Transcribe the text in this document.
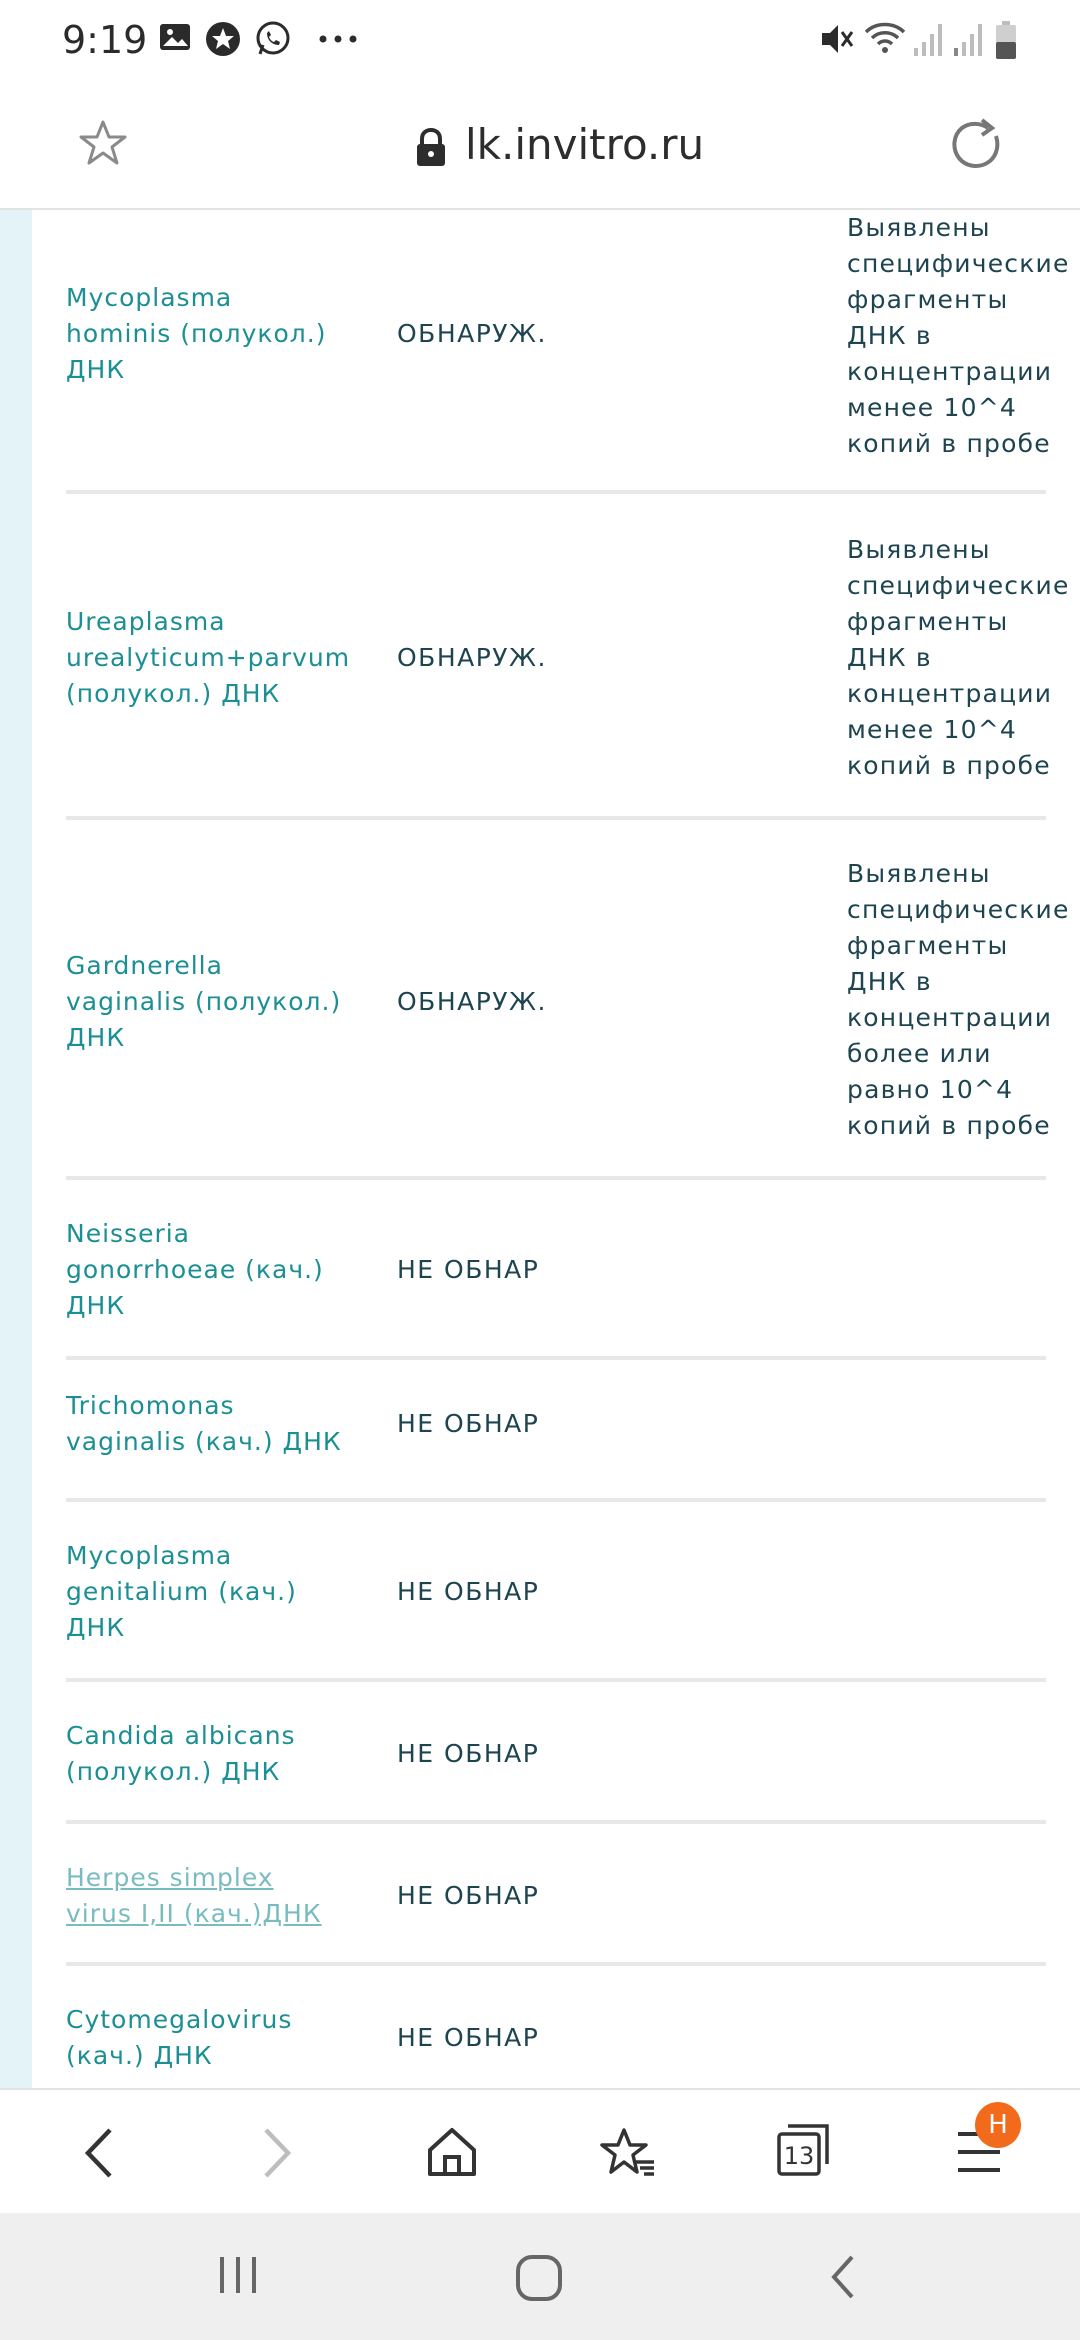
9:19
lk.invitro.ru
Mycoplasma
hominis (полукол.)
ДНК
ОБНАРУЖ.
Выявлены
специфические
фрагменты
ДНК в
концентрации
менее 10^4
копий в пробе
Ureaplasma
urealyticum+parvum
(полукол.) ДНК
ОБНАРУЖ.
Выявлены
специфические
фрагменты
ДНК в
концентрации
менее 10^4
копий в пробе
Gardnerella
vaginalis (полукол.)
ДНК
ОБНАРУЖ.
Выявлены
специфические
фрагменты
ДНК в
концентрации
более или
равно 10^4
копий в пробе
Neisseria
gonorrhoeae (кач.)
ДНК
НЕ ОБНАР
Trichomonas
vaginalis (кач.) ДНК
НЕ ОБНАР
Mycoplasma
genitalium (кач.)
ДНК
НЕ ОБНАР
Candida albicans
(полукол.) ДНК
НЕ ОБНАР
Herpes simplex
virus I,II (кач.)ДНК
НЕ ОБНАР
Cytomegalovirus
(кач.) ДНК
НЕ ОБНАР
13
Н
